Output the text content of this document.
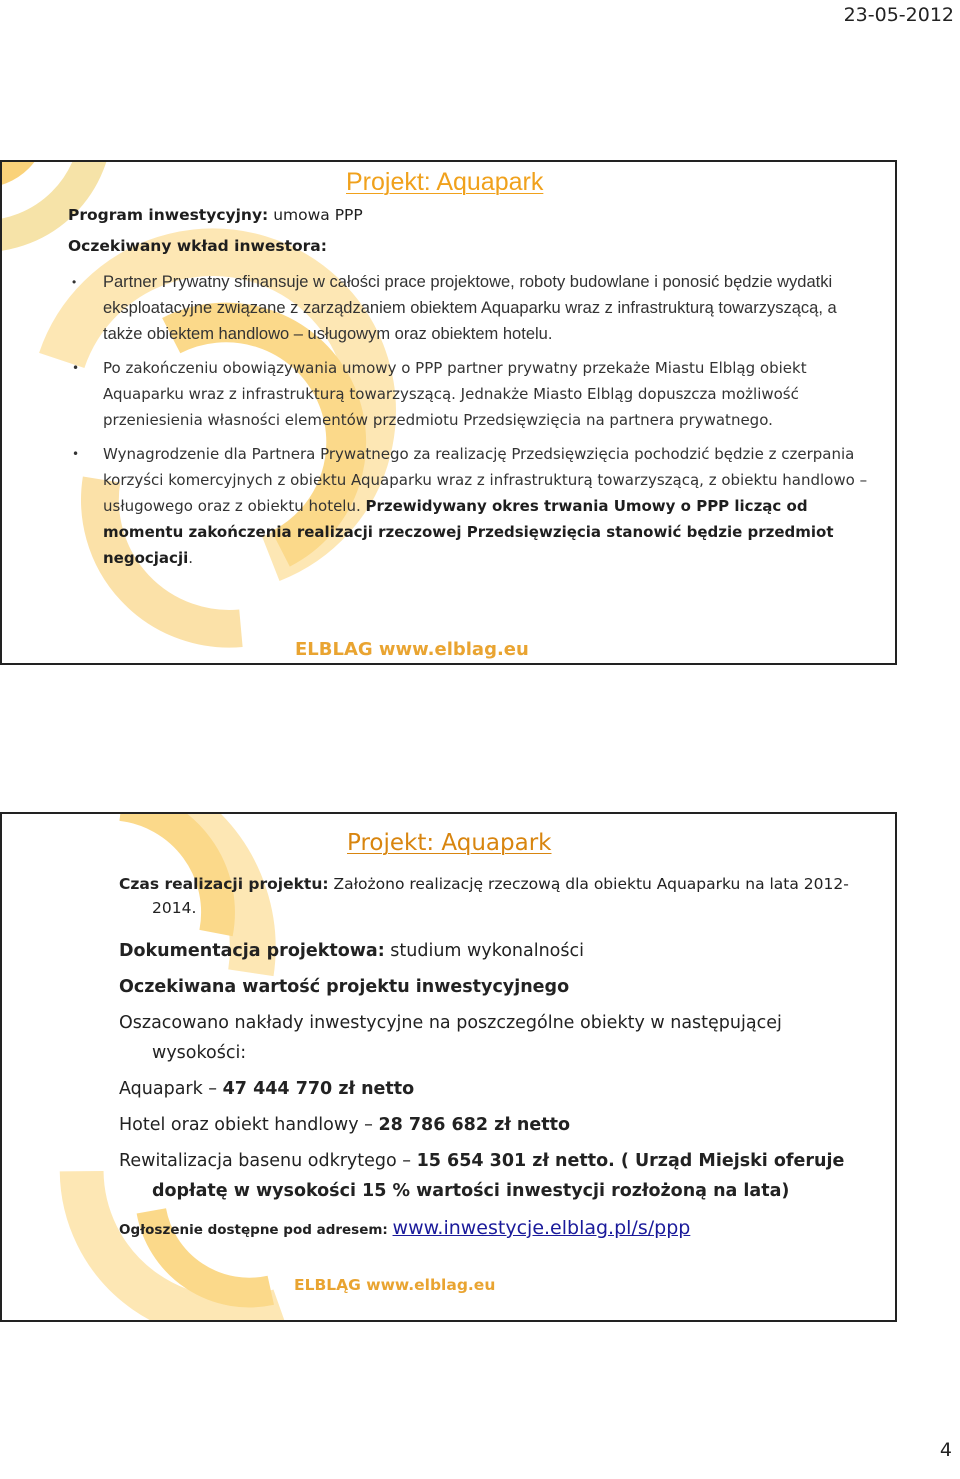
23-05-2012
Projekt: Aquapark
Program inwestycyjny: umowa PPP
Oczekiwany wkład inwestora:
• Partner Prywatny sfinansuje w całości prace projektowe, roboty budowlane i ponosić będzie wydatki eksploatacyjne związane z zarządzaniem obiektem Aquaparku wraz z infrastrukturą towarzyszącą, a także obiektem handlowo – usługowym oraz obiektem hotelu.
• Po zakończeniu obowiązywania umowy o PPP partner prywatny przekaże Miastu Elbląg obiekt Aquaparku wraz z infrastrukturą towarzyszącą. Jednakże Miasto Elbląg dopuszcza możliwość przeniesienia własności elementów przedmiotu Przedsięwzięcia na partnera prywatnego.
• Wynagrodzenie dla Partnera Prywatnego za realizację Przedsięwzięcia pochodzić będzie z czerpania korzyści komercyjnych z obiektu Aquaparku wraz z infrastrukturą towarzyszącą, z obiektu handlowo – usługowego oraz z obiektu hotelu. Przewidywany okres trwania Umowy o PPP licząc od momentu zakończenia realizacji rzeczowej Przedsięwzięcia stanowić będzie przedmiot negocjacji.
ELBLAG www.elblag.eu
Projekt: Aquapark

Czas realizacji projektu: Założono realizację rzeczową dla obiektu Aquaparku na lata 2012-2014.

Dokumentacja projektowa: studium wykonalności

Oczekiwana wartość projektu inwestycyjnego

Oszacowano nakłady inwestycyjne na poszczególne obiekty w następującej wysokości:

Aquapark – 47 444 770 zł netto

Hotel oraz obiekt handlowy – 28 786 682 zł netto

Rewitalizacja basenu odkrytego – 15 654 301 zł netto. ( Urząd Miejski oferuje dopłatę w wysokości 15 % wartości inwestycji rozłożoną na lata)

Ogłoszenie dostępne pod adresem: www.inwestycje.elblag.pl/s/ppp

ELBLĄG www.elblag.eu
4
